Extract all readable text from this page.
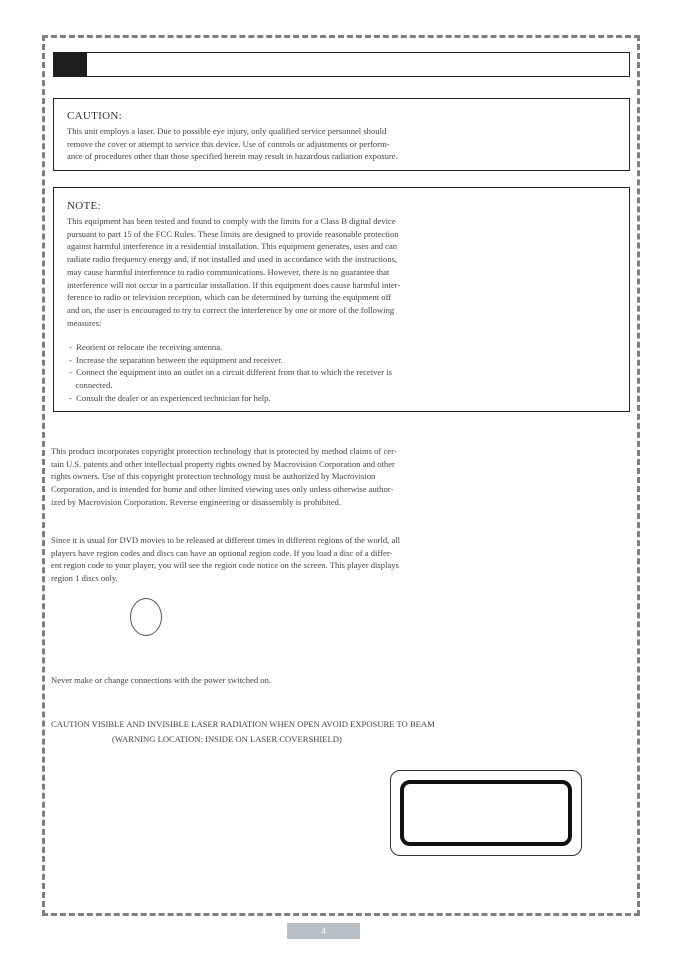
CAUTION:
This unit employs a laser. Due to possible eye injury, only qualified service personnel should
remove the cover or attempt to service this device. Use of controls or adjustments or perform-
ance of procedures other than those specified herein may result in hazardous radiation exposure.
NOTE:
This equipment has been tested and found to comply with the limits for a Class B digital device
pursuant to part 15 of the FCC Rules. These limits are designed to provide reasonable protection
against harmful interference in a residential installation. This equipment generates, uses and can
radiate radio frequency energy and, if not installed and used in accordance with the instructions,
may cause harmful interference to radio communications. However, there is no guarantee that
interference will not occur in a particular installation. If this equipment does cause harmful inter-
ference to radio or television reception, which can be determined by turning the equipment off
and on, the user is encouraged to try to correct the interference by one or more of the following
measures:
-  Reorient or relocate the receiving antenna.
-  Increase the separation between the equipment and receiver.
-  Connect the equipment into an outlet on a circuit different from that to which the receiver is
connected.
-  Consult the dealer or an experienced technician for help.
This product incorporates copyright protection technology that is protected by method claims of cer-
tain U.S. patents and other intellectual property rights owned by Macrovision Corporation and other
rights owners. Use of this copyright protection technology must be authorized by Macrovision
Corporation, and is intended for home and other limited viewing uses only unless otherwise author-
ized by Macrovision Corporation. Reverse engineering or disassembly is prohibited.
Since it is usual for DVD movies to be released at different times in different regions of the world, all
players have region codes and discs can have an optional region code. If you load a disc of a differ-
ent region code to your player, you will see the region code notice on the screen. This player displays
region 1 discs only.
Never make or change connections with the power switched on.
CAUTION VISIBLE AND INVISIBLE LASER RADIATION WHEN OPEN AVOID EXPOSURE TO BEAM
(WARNING LOCATION: INSIDE ON LASER COVERSHIELD)
4
